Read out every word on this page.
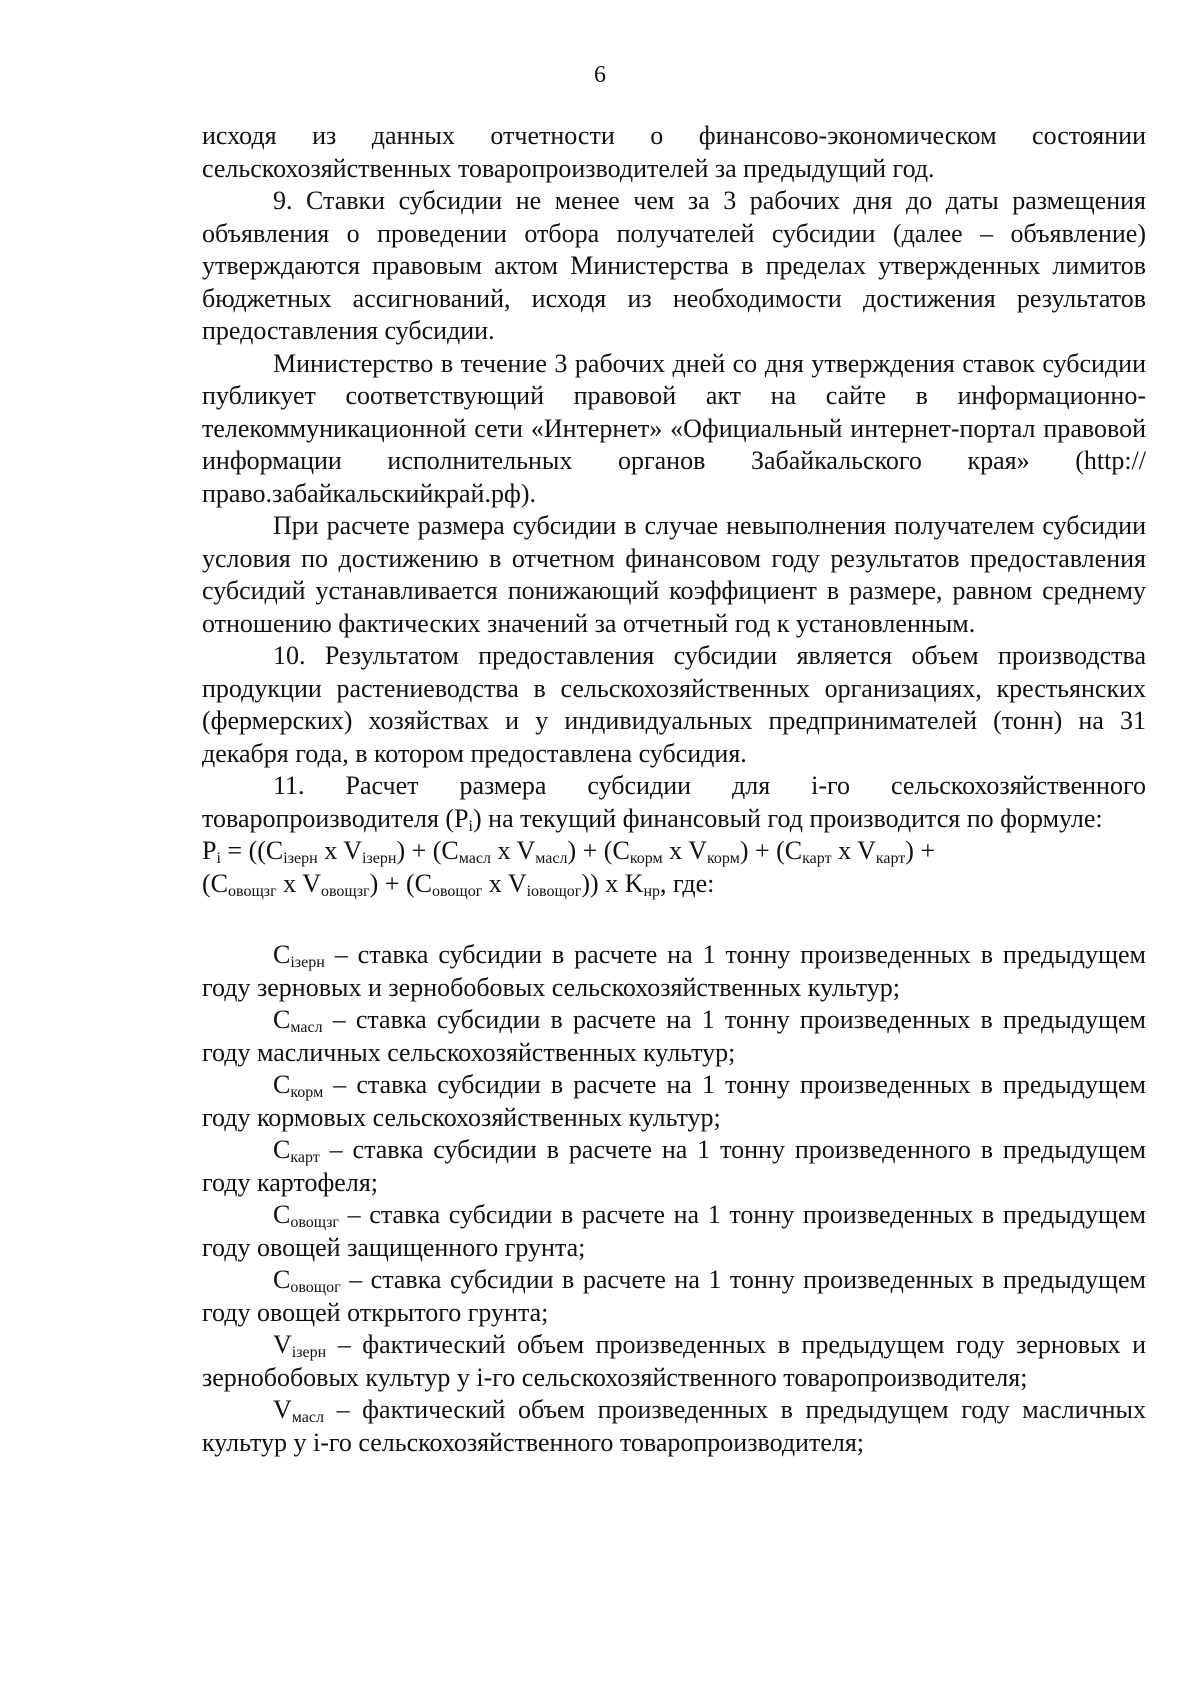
6

исходя из данных отчетности о финансово-экономическом состоянии сельскохозяйственных товаропроизводителей за предыдущий год.

9. Ставки субсидии не менее чем за 3 рабочих дня до даты размещения объявления о проведении отбора получателей субсидии (далее – объявление) утверждаются правовым актом Министерства в пределах утвержденных лимитов бюджетных ассигнований, исходя из необходимости достижения результатов предоставления субсидии.

Министерство в течение 3 рабочих дней со дня утверждения ставок субсидии публикует соответствующий правовой акт на сайте в информационно-телекоммуникационной сети «Интернет» «Официальный интернет-портал правовой информации исполнительных органов Забайкальского края» (http://право.забайкальскийкрай.рф).

При расчете размера субсидии в случае невыполнения получателем субсидии условия по достижению в отчетном финансовом году результатов предоставления субсидий устанавливается понижающий коэффициент в размере, равном среднему отношению фактических значений за отчетный год к установленным.

10. Результатом предоставления субсидии является объем производства продукции растениеводства в сельскохозяйственных организациях, крестьянских (фермерских) хозяйствах и у индивидуальных предпринимателей (тонн) на 31 декабря года, в котором предоставлена субсидия.

11. Расчет размера субсидии для i-го сельскохозяйственного товаропроизводителя $(P_i)$ на текущий финансовый год производится по формуле:

$P_i = ((C_{iзерн}$ x $V_{iзерн}) + (C_{масл}$ x $V_{масл}) + (C_{корм}$ x $V_{корм}) + (C_{карт}$ x $V_{карт}$) +

($C_{овощзг}$ x $V_{овощзг}) + (C_{овощог}$ x $V_{iовощог}$)) x $K_{нр}$, где:

$C_{iзерн}$ – ставка субсидии в расчете на 1 тонну произведенных в предыдущем году зерновых и зернобобовых сельскохозяйственных культур;

$C_{масл}$ – ставка субсидии в расчете на 1 тонну произведенных в предыдущем году масличных сельскохозяйственных культур;

$C_{корм}$ – ставка субсидии в расчете на 1 тонну произведенных в предыдущем году кормовых сельскохозяйственных культур;

$C_{карт}$ – ставка субсидии в расчете на 1 тонну произведенного в предыдущем году картофеля;

$C_{овощзг}$ – ставка субсидии в расчете на 1 тонну произведенных в предыдущем году овощей защищенного грунта;

$C_{овощог}$ – ставка субсидии в расчете на 1 тонну произведенных в предыдущем году овощей открытого грунта;

$V_{iзерн}$ – фактический объем произведенных в предыдущем году зерновых и зернобобовых культур у i-го сельскохозяйственного товаропроизводителя;

$V_{масл}$ – фактический объем произведенных в предыдущем году масличных культур у i-го сельскохозяйственного товаропроизводителя;
